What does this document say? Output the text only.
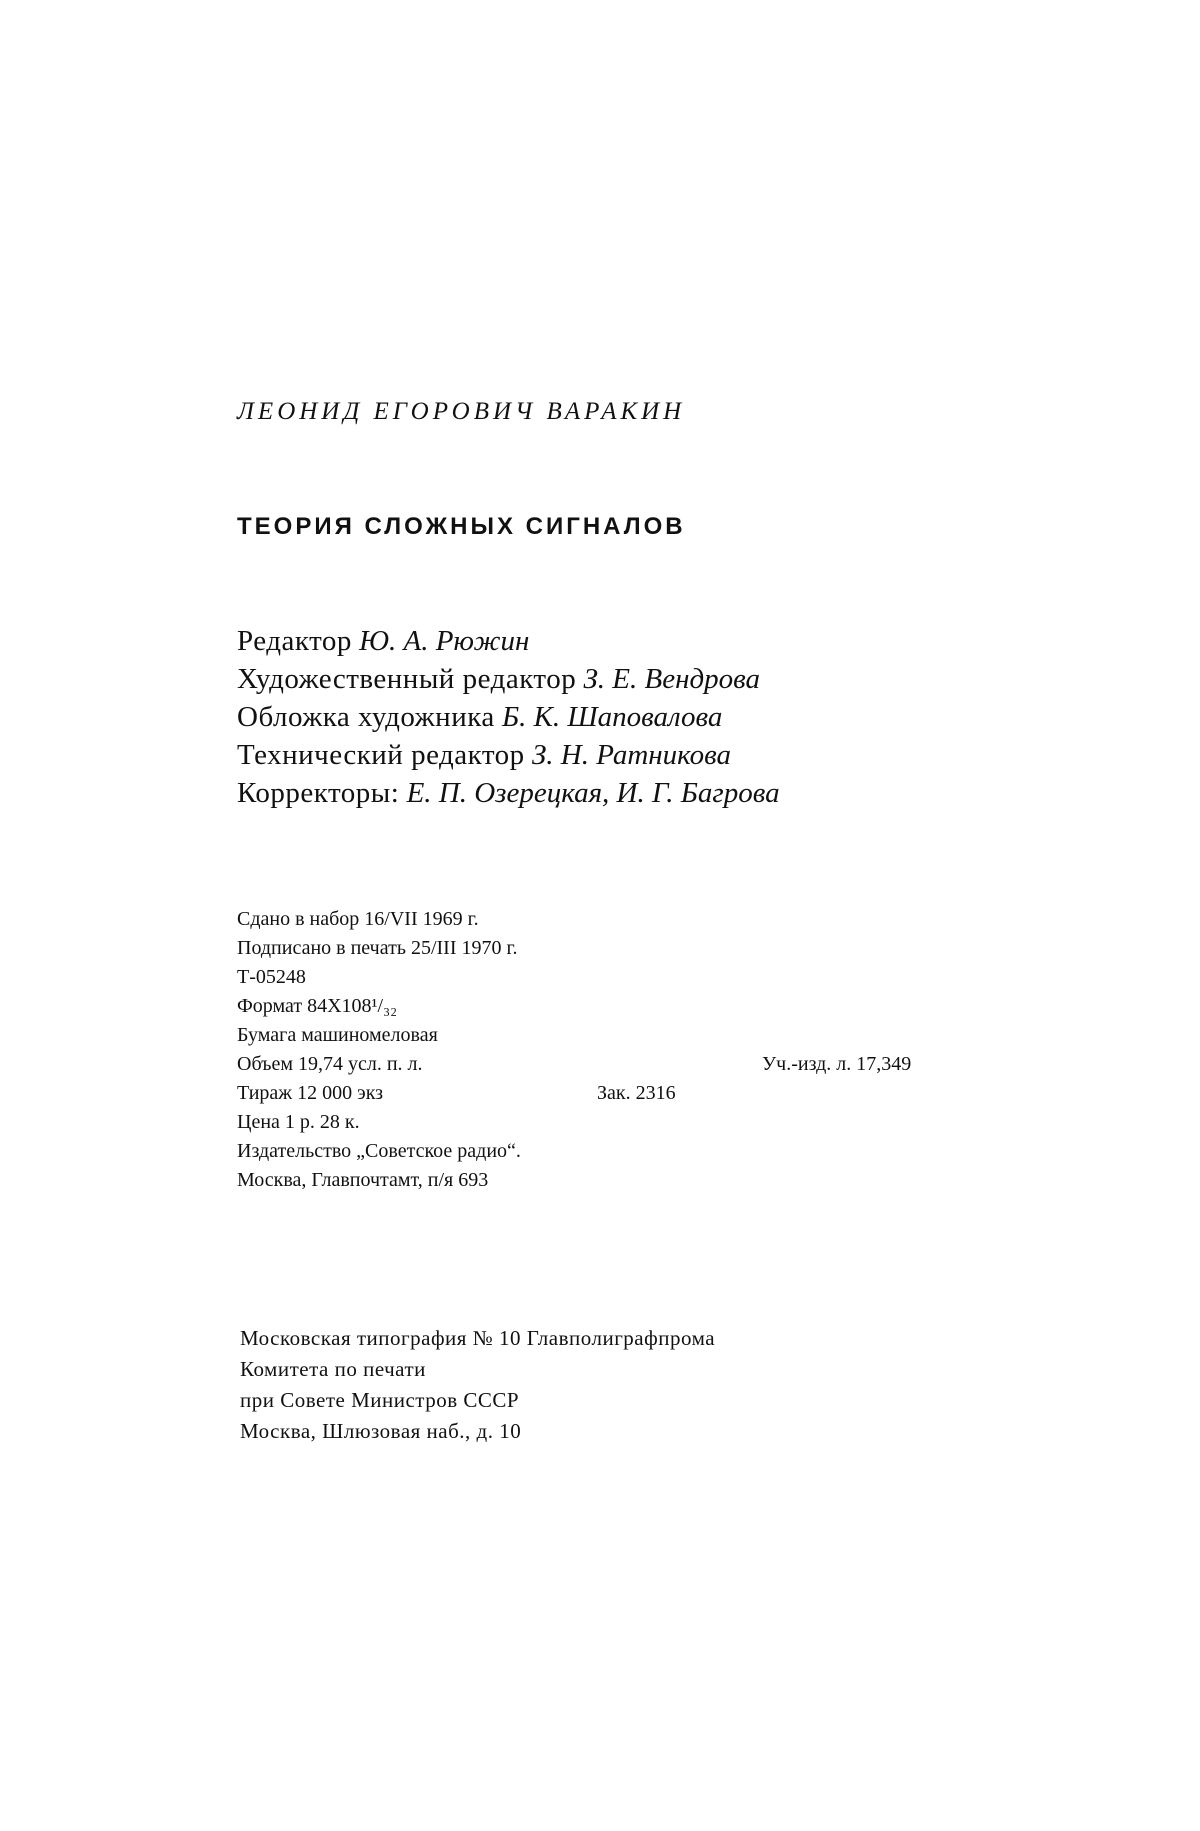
ЛЕОНИД ЕГОРОВИЧ ВАРАКИН

ТЕОРИЯ СЛОЖНЫХ СИГНАЛОВ
Редактор Ю. А. Рюжин
Художественный редактор З. Е. Вендрова
Обложка художника Б. К. Шаповалова
Технический редактор З. Н. Ратникова
Корректоры: Е. П. Озерецкая, И. Г. Багрова
Сдано в набор 16/VII 1969 г.
Подписано в печать 25/III 1970 г.
Т-05248
Формат 84Х108¹/₃₂
Бумага машиномеловая
Объем 19,74 усл. п. л.	Уч.-изд. л. 17,349
Тираж 12 000 экз	Зак. 2316
Цена 1 р. 28 к.
Издательство „Советское радио“.
Москва, Главпочтамт, п/я 693
Московская типография № 10 Главполиграфпрома
Комитета по печати
при Совете Министров СССР
Москва, Шлюзовая наб., д. 10
